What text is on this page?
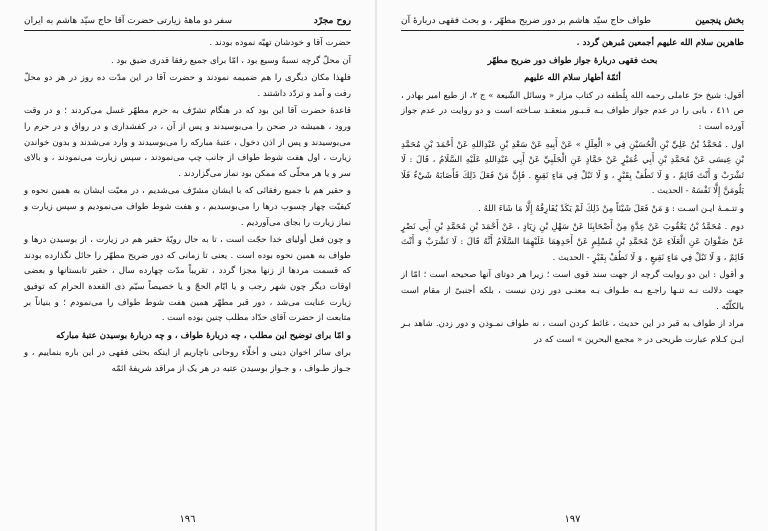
روح مجرّد
سفر دو ماهۀ زیارتی حضرت آقا حاج سیّد هاشم به ایران

حضرت آقا و خودشان تهیّه نموده بودند .

آن محلّ گرچه نسبةً وسیع بود ، امّا برای جمیع رفقا قدری ضیق بود .

فلهذا مکان دیگری را هم ضمیمه نمودند و حضرت آقا در این مدّت ده روز در هر دو محلّ رفت و آمد و تردّد داشتند .

قاعدۀ حضرت آقا این بود که در هنگام تشرّف به حرم مطهّر غسل می‌کردند ؛ و در وقت ورود ، همیشه در صحن را می‌بوسیدند و پس از آن ، در کفشداری و در رواق و در حرم را می‌بوسیدند و پس از اذن دخول ، عتبۀ مبارکه را می‌بوسیدند و وارد می‌شدند و بدون خواندن زیارت ، اول هفت شوط طواف از جانب چپ می‌نمودند ، سپس زیارت می‌نمودند ، و بالای سر و یا هر محلّی که ممکن بود نماز می‌گزاردند .

و حقیر هم با جمیع رفقائی که با ایشان مشرّف می‌شدیم ، در معیّت ایشان به همین نحوه و کیفیّت چهار چسوب درها را می‌بوسیدیم ، و هفت شوط طواف می‌نمودیم و سپس زیارت و نماز زیارت را بجای می‌آوردیم .

و چون فعل أولیای خدا حجّت است ، تا به حال رویّۀ حقیر هم در زیارت ، از بوسیدن درها و طواف به همین نحوه بوده است . یعنی تا زمانی که دور ضریح مطهّر را حائل نگذارده بودند که قسمت مردها از زنها مجزا گردد ، تقریباً مدّت چهارده سال ، حقیر تابستانها و بعضی اوقات دیگر چون شهر رجب و یا ایّام الحجّ و یا خصیصاً سیّم ذی القعدة الحرام که توفیق زیارت عنایت می‌شد ، دور قبر مطهّر همین هفت شوط طواف را می‌نمودم ؛ و بنیاناً بر متابعت از حضرت آقای حدّاد مطلب چنین بوده است .

و امّا برای توضیح این مطلب ، چه دربارۀ طواف ، و چه دربارۀ بوسیدن عتبۀ مبارکه

برای سائر اخوان دینی و أخلّاء روحانی ناچاریم از اینکه بحثی فقهی در این باره بنماییم ، و جـواز طـواف ، و جـواز بوسیدن عتبه در هر یک از مراقد شریفۀ ائمّه

١٩٦
بخش پنجمین
طواف حاج سیّد هاشم بر دور ضریح مطهّر ، و بحث فقهی دربارۀ آن

طاهرین سلام الله علیهم أجمعین مُبرهن گردد .

بحث فقهی دربارۀ جواز طواف دور ضریح مطهّر

أئمّۀ أطهار سلام الله علیهم

أقول: شیخ حرّ عاملی رحمه الله بِلُطفه در کتاب مزار « وسائل الشّیعة » ج ۲، از طبع امیر بهادر ، ص ٤۱۱ ، بابی را در عدم جواز طواف بـه قـبـور منعقـد سـاخته است و دو روایت در عدم جواز آورده است :

اول . مُحَمَّدُ بْنُ عَلِيِّ بْنِ الْحُسَيْنِ فِي « الْعِلَلِ » عَنْ أَبِيهِ عَنْ سَعْدِ بْنِ عَبْدِاللهِ عَنْ أَحْمَدَ بْنِ مُحَمَّدِ بْنِ عِيسَى عَنْ مُحَمَّدِ بْنِ أَبِي عُمَيْرٍ عَنْ حَمَّادٍ عَنِ الْحَلَبِيِّ عَنْ أَبِي عَبْدِاللهِ عَلَيْهِ السَّلَامُ ، قَالَ : لَا تَشْرَبْ وَ أَنْتَ قَائِمٌ ، وَ لَا تَطُفْ بِقَبْرٍ ، وَ لَا تَبُلْ فِي مَاءٍ نَقِيعٍ . فَإِنَّ مَنْ فَعَلَ ذَلِكَ فَأَصَابَهُ شَيْءٌ فَلَا يَلُومَنَّ إِلَّا نَفْسَهُ - الحدیث .

و تتـمـهٔ ایـن اسـت : وَ مَنْ فَعَلَ شَيْئاً مِنْ ذَلِكَ لَمْ يَكَدْ يُفَارِقُهُ إِلَّا مَا شَاءَ اللهُ .

دوم . مُحَمَّدُ بْنُ يَعْقُوبَ عَنْ عِدَّةٍ مِنْ أَصْحَابِنَا عَنْ سَهْلِ بْنِ زِيَادٍ ، عَنْ أَحْمَدَ بْنِ مُحَمَّدِ بْنِ أَبِي نَصْرٍ عَنْ صَفْوَانَ عَنِ الْعَلَاءِ عَنْ مُحَمَّدِ بْنِ مُسْلِمٍ عَنْ أَحَدِهِمَا عَلَيْهِمَا السَّلَامُ أَنَّهُ قَالَ : لَا تَشْرَبْ وَ أَنْتَ قَائِمٌ ، وَ لَا تَبُلْ فِي مَاءٍ نَقِيعٍ ، وَ لَا تَطُفْ بِقَبْرٍ - الحدیث .

و أقول : این دو روایت گرچه از جهت سند قوی است ؛ زیرا هر دوتای آنها صحیحه است ؛ امّا از جهت دلالت نـه تنـها راجـع بـه طـواف بـه معنـی دور زدن نیست ، بلکه أجنبیّ از مقام است بالکلّیّه .

مراد از طواف به قبر در این حدیث ، غائط کردن است ، نه طواف نمـودن و دور زدن. شاهد بـر ایـن کـلام عبارت طریحی در « مجمع البحرین » است که در

١٩٧
